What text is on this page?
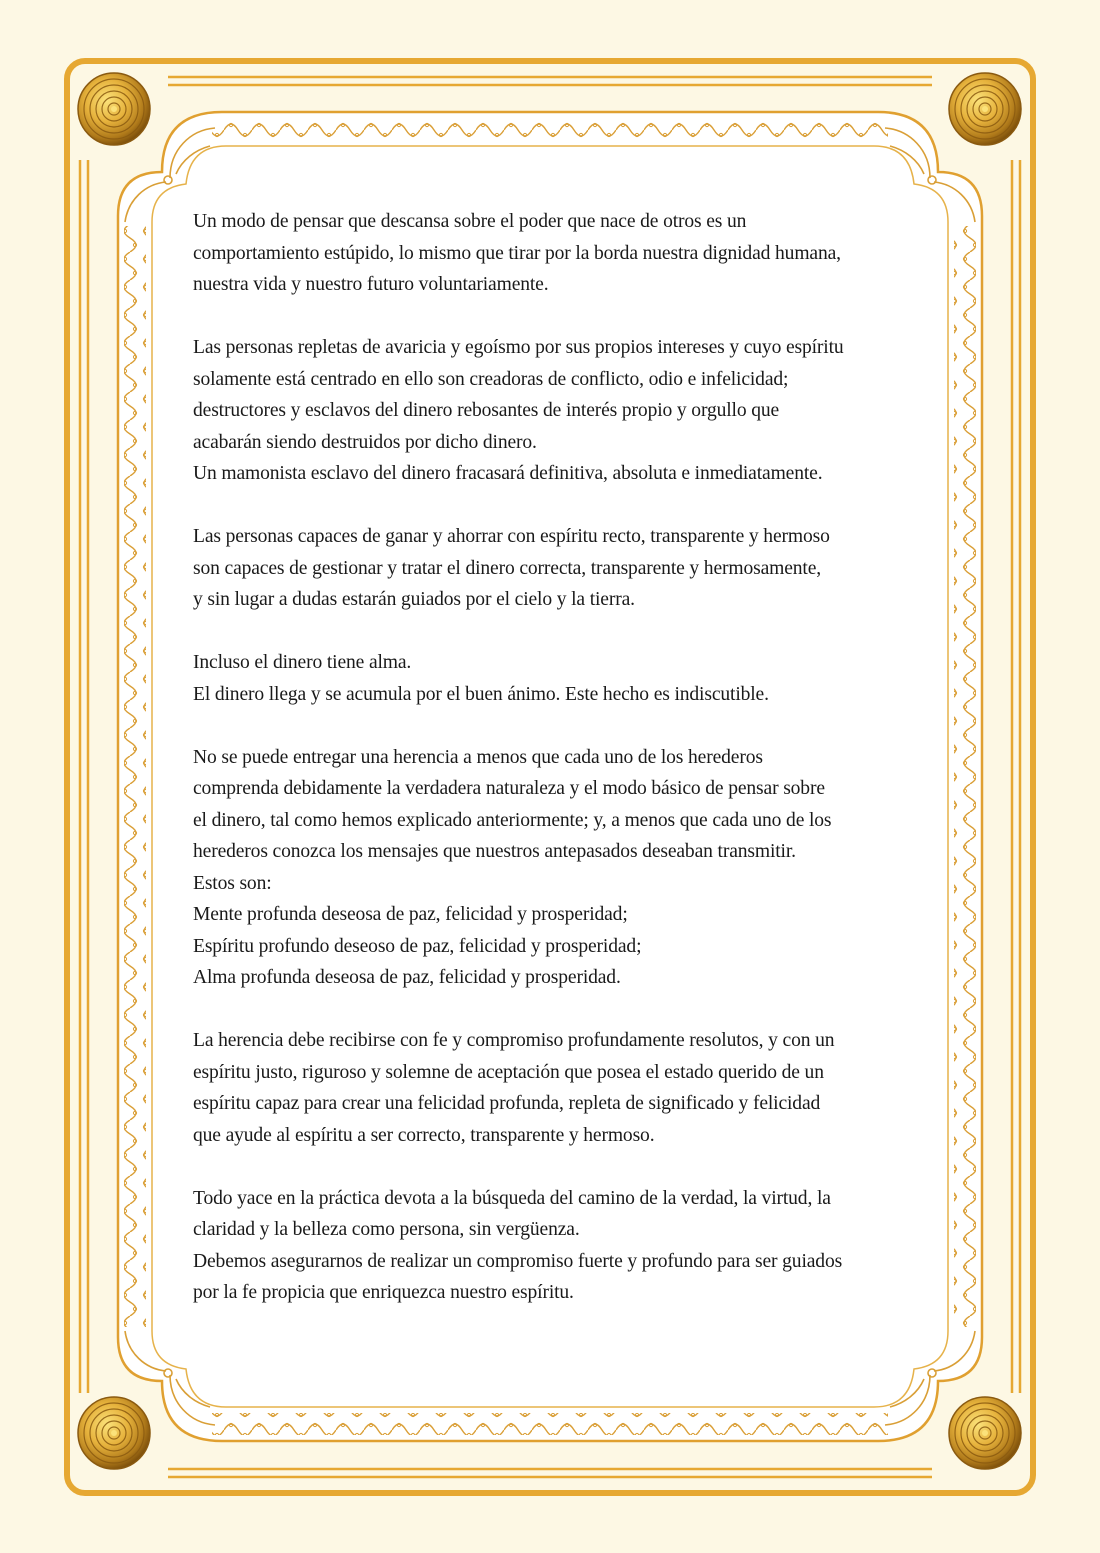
Un modo de pensar que descansa sobre el poder que nace de otros es un
comportamiento estúpido, lo mismo que tirar por la borda nuestra dignidad humana,
nuestra vida y nuestro futuro voluntariamente.

Las personas repletas de avaricia y egoísmo por sus propios intereses y cuyo espíritu
solamente está centrado en ello son creadoras de conflicto, odio e infelicidad;
destructores y esclavos del dinero rebosantes de interés propio y orgullo que
acabarán siendo destruidos por dicho dinero.
Un mamonista esclavo del dinero fracasará definitiva, absoluta e inmediatamente.

Las personas capaces de ganar y ahorrar con espíritu recto, transparente y hermoso
son capaces de gestionar y tratar el dinero correcta, transparente y hermosamente,
y sin lugar a dudas estarán guiados por el cielo y la tierra.

Incluso el dinero tiene alma.
El dinero llega y se acumula por el buen ánimo. Este hecho es indiscutible.

No se puede entregar una herencia a menos que cada uno de los herederos
comprenda debidamente la verdadera naturaleza y el modo básico de pensar sobre
el dinero, tal como hemos explicado anteriormente; y, a menos que cada uno de los
herederos conozca los mensajes que nuestros antepasados deseaban transmitir.
Estos son:
Mente profunda deseosa de paz, felicidad y prosperidad;
Espíritu profundo deseoso de paz, felicidad y prosperidad;
Alma profunda deseosa de paz, felicidad y prosperidad.

La herencia debe recibirse con fe y compromiso profundamente resolutos, y con un
espíritu justo, riguroso y solemne de aceptación que posea el estado querido de un
espíritu capaz para crear una felicidad profunda, repleta de significado y felicidad
que ayude al espíritu a ser correcto, transparente y hermoso.

Todo yace en la práctica devota a la búsqueda del camino de la verdad, la virtud, la
claridad y la belleza como persona, sin vergüenza.
Debemos asegurarnos de realizar un compromiso fuerte y profundo para ser guiados
por la fe propicia que enriquezca nuestro espíritu.
